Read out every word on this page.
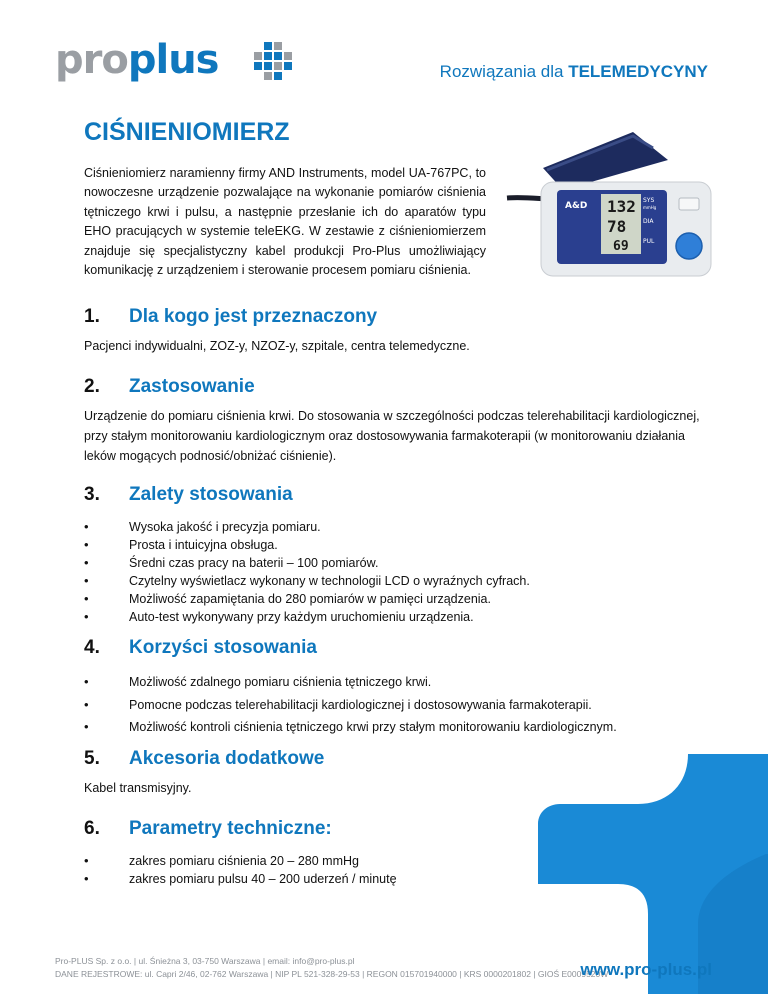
proplus	Rozwiązania dla TELEMEDYCYNY
CIŚNIENIOMIERZ
Ciśnieniomierz naramienny firmy AND Instruments, model UA-767PC, to nowoczesne urządzenie pozwalające na wykonanie pomiarów ciśnienia tętniczego krwi i pulsu, a następnie przesłanie ich do aparatów typu EHO pracujących w systemie teleEKG. W zestawie z ciśnieniomierzem znajduje się specjalistyczny kabel produkcji Pro-Plus umożliwiający komunikację z urządzeniem i sterowanie procesem pomiaru ciśnienia.
A&D 132
78
69
SYS
DIA
PUL
mmHg
1.	Dla kogo jest przeznaczony
Pacjenci indywidualni, ZOZ-y, NZOZ-y, szpitale, centra telemedyczne.
2.	Zastosowanie
Urządzenie do pomiaru ciśnienia krwi. Do stosowania w szczególności podczas telerehabilitacji kardiologicznej, przy stałym monitorowaniu kardiologicznym oraz dostosowywania farmakoterapii (w monitorowaniu działania leków mogących podnosić/obniżać ciśnienie).
3.	Zalety stosowania
• Wysoka jakość i precyzja pomiaru.
• Prosta i intuicyjna obsługa.
• Średni czas pracy na baterii – 100 pomiarów.
• Czytelny wyświetlacz wykonany w technologii LCD o wyraźnych cyfrach.
• Możliwość zapamiętania do 280 pomiarów w pamięci urządzenia.
• Auto-test wykonywany przy każdym uruchomieniu urządzenia.
4.	Korzyści stosowania
• Możliwość zdalnego pomiaru ciśnienia tętniczego krwi.
• Pomocne podczas telerehabilitacji kardiologicznej i dostosowywania farmakoterapii.
• Możliwość kontroli ciśnienia tętniczego krwi przy stałym monitorowaniu kardiologicznym.
5.	Akcesoria dodatkowe
Kabel transmisyjny.
6.	Parametry techniczne:
• zakres pomiaru ciśnienia 20 – 280 mmHg
• zakres pomiaru pulsu 40 – 200 uderzeń / minutę
Pro-PLUS Sp. z o.o. | ul. Śnieżna 3, 03-750 Warszawa | email: info@pro-plus.pl
DANE REJESTROWE: ul. Capri 2/46, 02-762 Warszawa | NIP PL 521-328-29-53 | REGON 015701940000 | KRS 0000201802 | GIOŚ E0009520W
www.pro-plus.pl
